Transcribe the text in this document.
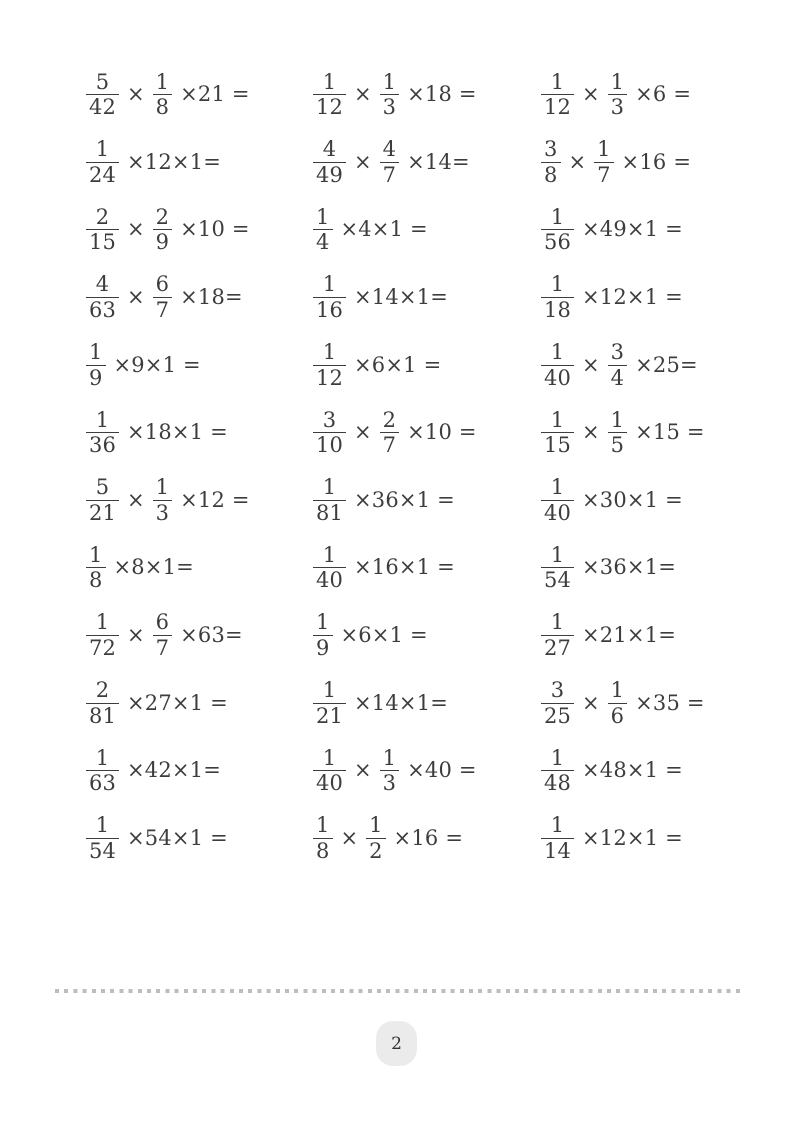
$\frac{5}{42} \times \frac{1}{8} \times 21$ =	$\frac{1}{12} \times \frac{1}{3} \times 18$ =	$\frac{1}{12} \times \frac{1}{3} \times 6$ =
$\frac{1}{24} \times 12\times 1=$	$\frac{4}{49} \times \frac{4}{7} \times 14=$	$\frac{3}{8} \times \frac{1}{7} \times 16$ =
$\frac{2}{15} \times \frac{2}{9} \times 10$ =	$\frac{1}{4} \times 4\times 1$ =	$\frac{1}{56} \times 49\times 1$ =
$\frac{4}{63} \times \frac{6}{7} \times 18=$	$\frac{1}{16} \times 14\times 1=$	$\frac{1}{18} \times 12\times 1$ =
$\frac{1}{9} \times 9\times 1$ =	$\frac{1}{12} \times 6\times 1$ =	$\frac{1}{40} \times \frac{3}{4} \times 25=$
$\frac{1}{36} \times 18\times 1$ =	$\frac{3}{10} \times \frac{2}{7} \times 10$ =	$\frac{1}{15} \times \frac{1}{5} \times 15$ =
$\frac{5}{21} \times \frac{1}{3} \times 12$ =	$\frac{1}{81} \times 36\times 1$ =	$\frac{1}{40} \times 30\times 1$ =
$\frac{1}{8} \times 8\times 1=$	$\frac{1}{40} \times 16\times 1$ =	$\frac{1}{54} \times 36\times 1=$
$\frac{1}{72} \times \frac{6}{7} \times 63=$	$\frac{1}{9} \times 6\times 1$ =	$\frac{1}{27} \times 21\times 1=$
$\frac{2}{81} \times 27\times 1$ =	$\frac{1}{21} \times 14\times 1=$	$\frac{3}{25} \times \frac{1}{6} \times 35$ =
$\frac{1}{63} \times 42\times 1=$	$\frac{1}{40} \times \frac{1}{3} \times 40$ =	$\frac{1}{48} \times 48\times 1$ =
$\frac{1}{54} \times 54\times 1$ =	$\frac{1}{8} \times \frac{1}{2} \times 16$ =	$\frac{1}{14} \times 12\times 1$ =
2
